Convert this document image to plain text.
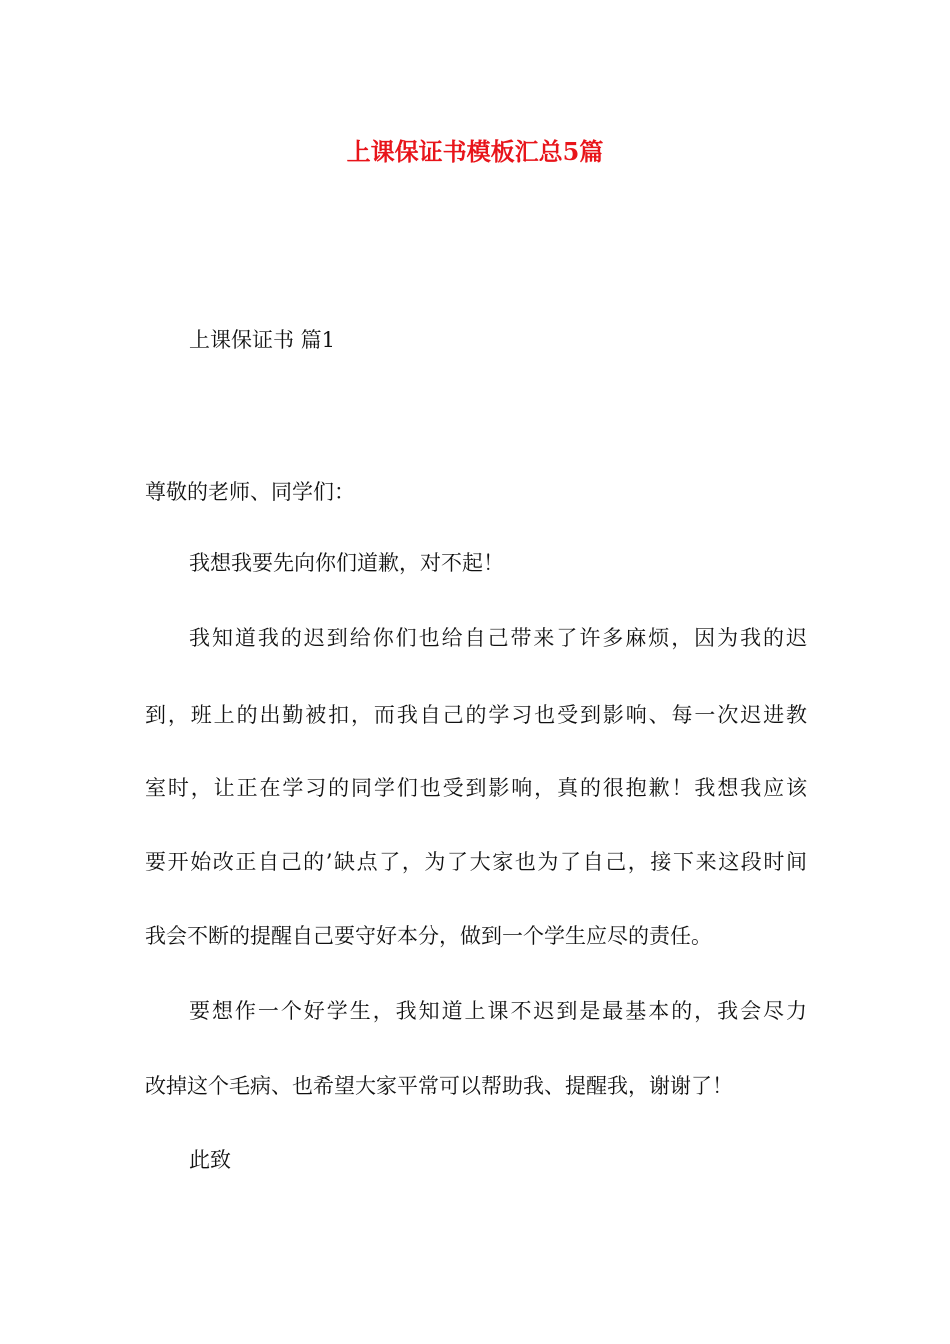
上课保证书模板汇总5篇

上课保证书 篇1

尊敬的老师、同学们：

我想我要先向你们道歉，对不起！

我知道我的迟到给你们也给自己带来了许多麻烦，因为我的迟

到，班上的出勤被扣，而我自己的学习也受到影响、每一次迟进教

室时，让正在学习的同学们也受到影响，真的很抱歉！我想我应该

要开始改正自己的’缺点了，为了大家也为了自己，接下来这段时间

我会不断的提醒自己要守好本分，做到一个学生应尽的责任。

要想作一个好学生，我知道上课不迟到是最基本的，我会尽力

改掉这个毛病、也希望大家平常可以帮助我、提醒我，谢谢了！

此致
